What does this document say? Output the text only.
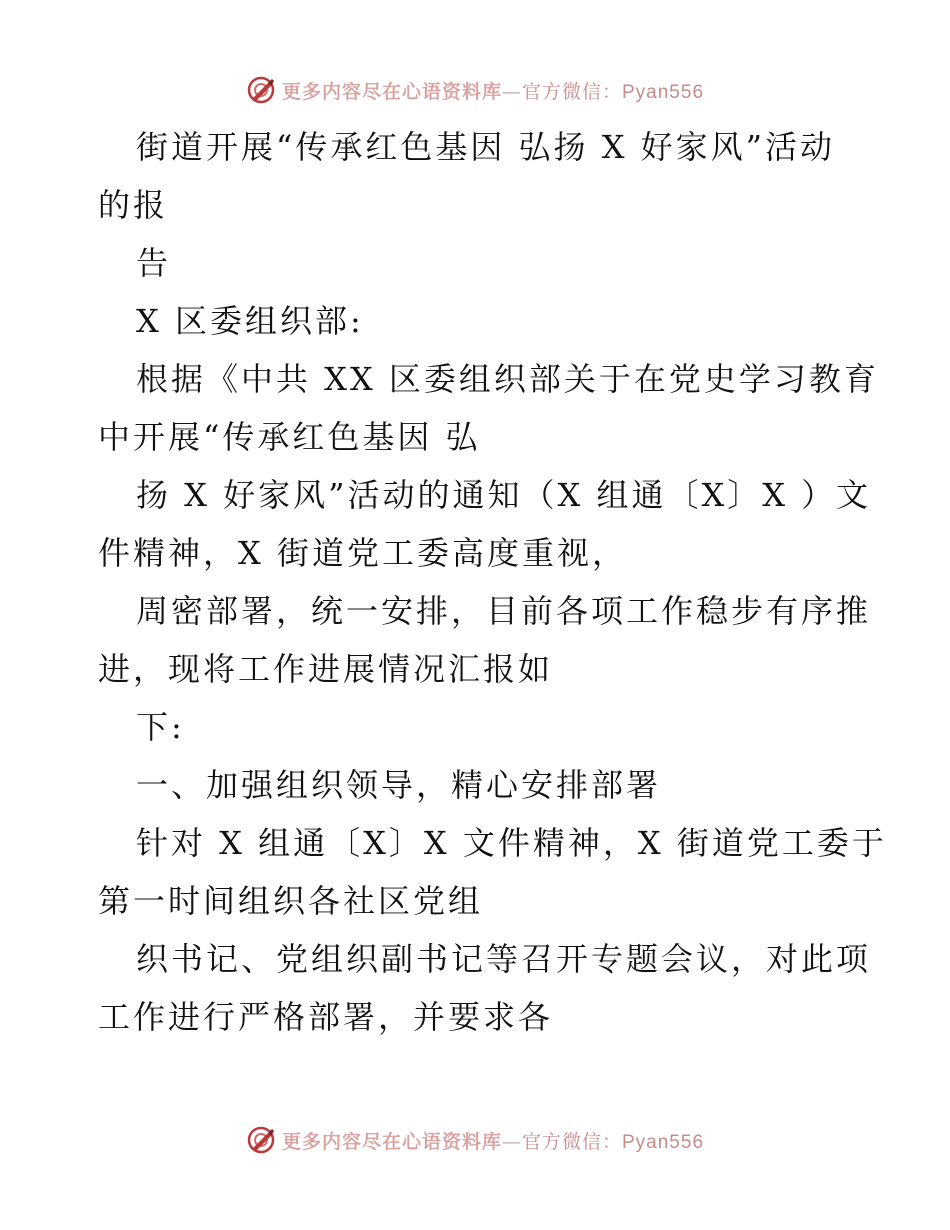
更多内容尽在心语资料库—官方微信：Pyan556

街道开展“传承红色基因 弘扬 X 好家风”活动

的报

告

X 区委组织部:

根据《中共 XX 区委组织部关于在党史学习教育

中开展“传承红色基因 弘

扬 X 好家风”活动的通知（X 组通〔X〕X ）文

件精神，X 街道党工委高度重视，

周密部署，统一安排，目前各项工作稳步有序推

进，现将工作进展情况汇报如

下:

一、加强组织领导，精心安排部署

针对 X 组通〔X〕X 文件精神，X 街道党工委于

第一时间组织各社区党组

织书记、党组织副书记等召开专题会议，对此项

工作进行严格部署，并要求各

更多内容尽在心语资料库—官方微信：Pyan556
